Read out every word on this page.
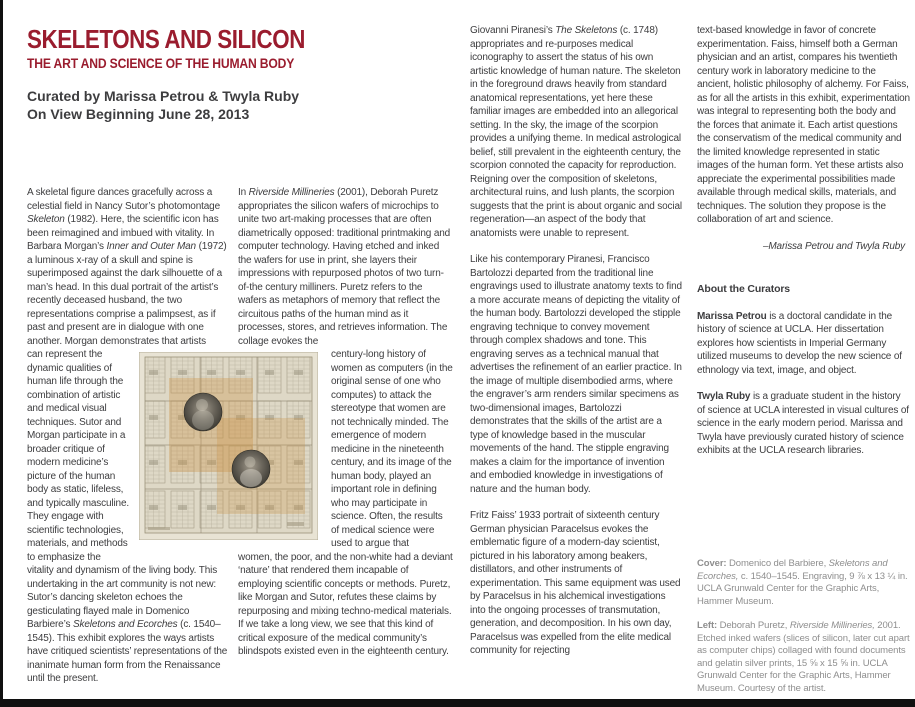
SKELETONS AND SILICON
THE ART AND SCIENCE OF THE HUMAN BODY

Curated by Marissa Petrou & Twyla Ruby
On View Beginning June 28, 2013

A skeletal figure dances gracefully across a celestial field in Nancy Sutor’s photomontage Skeleton (1982). Here, the scientific icon has been reimagined and imbued with vitality. In Barbara Morgan’s Inner and Outer Man (1972) a luminous x-ray of a skull and spine is superimposed against the dark silhouette of a man’s head. In this dual portrait of the artist’s recently deceased husband, the two representations comprise a palimpsest, as if past and present are in dialogue with one another. Morgan demonstrates that artists

can represent the dynamic qualities of human life through the combination of artistic and medical visual techniques. Sutor and Morgan participate in a broader critique of modern medicine’s picture of the human body as static, lifeless, and typically masculine. They engage with scientific technologies, materials, and methods to emphasize the

vitality and dynamism of the living body. This undertaking in the art community is not new: Sutor’s dancing skeleton echoes the gesticulating flayed male in Domenico Barbiere’s Skeletons and Ecorches (c. 1540–1545). This exhibit explores the ways artists have critiqued scientists’ representations of the inanimate human form from the Renaissance until the present.

In Riverside Millineries (2001), Deborah Puretz appropriates the silicon wafers of microchips to unite two art-making processes that are often diametrically opposed: traditional printmaking and computer technology. Having etched and inked the wafers for use in print, she layers their impressions with repurposed photos of two turn-of-the century milliners. Puretz refers to the wafers as metaphors of memory that reflect the circuitous paths of the human mind as it processes, stores, and retrieves information. The collage evokes the

century-long history of women as computers (in the original sense of one who computes) to attack the stereotype that women are not technically minded. The emergence of modern medicine in the nineteenth century, and its image of the human body, played an important role in defining who may participate in science. Often, the results of medical science were used to argue that

women, the poor, and the non-white had a deviant ‘nature’ that rendered them incapable of employing scientific concepts or methods. Puretz, like Morgan and Sutor, refutes these claims by repurposing and mixing techno-medical materials. If we take a long view, we see that this kind of critical exposure of the medical community’s blindspots existed even in the eighteenth century.

Giovanni Piranesi’s The Skeletons (c. 1748) appropriates and re-purposes medical iconography to assert the status of his own artistic knowledge of human nature. The skeleton in the foreground draws heavily from standard anatomical representations, yet here these familiar images are embedded into an allegorical setting. In the sky, the image of the scorpion provides a unifying theme. In medical astrological belief, still prevalent in the eighteenth century, the scorpion connoted the capacity for reproduction. Reigning over the composition of skeletons, architectural ruins, and lush plants, the scorpion suggests that the print is about organic and social regeneration—an aspect of the body that anatomists were unable to represent.

Like his contemporary Piranesi, Francisco Bartolozzi departed from the traditional line engravings used to illustrate anatomy texts to find a more accurate means of depicting the vitality of the human body. Bartolozzi developed the stipple engraving technique to convey movement through complex shadows and tone. This engraving serves as a technical manual that advertises the refinement of an earlier practice. In the image of multiple disembodied arms, where the engraver’s arm renders similar specimens as two-dimensional images, Bartolozzi demonstrates that the skills of the artist are a type of knowledge based in the muscular movements of the hand. The stipple engraving makes a claim for the importance of invention and embodied knowledge in investigations of nature and the human body.

Fritz Faiss’ 1933 portrait of sixteenth century German physician Paracelsus evokes the emblematic figure of a modern-day scientist, pictured in his laboratory among beakers, distillators, and other instruments of experimentation. This same equipment was used by Paracelsus in his alchemical investigations into the ongoing processes of transmutation, generation, and decomposition. In his own day, Paracelsus was expelled from the elite medical community for rejecting

text-based knowledge in favor of concrete experimentation. Faiss, himself both a German physician and an artist, compares his twentieth century work in laboratory medicine to the ancient, holistic philosophy of alchemy. For Faiss, as for all the artists in this exhibit, experimentation was integral to representing both the body and the forces that animate it. Each artist questions the conservatism of the medical community and the limited knowledge represented in static images of the human form. Yet these artists also appreciate the experimental possibilities made available through medical skills, materials, and techniques. The solution they propose is the collaboration of art and science.

–Marissa Petrou and Twyla Ruby

About the Curators

Marissa Petrou is a doctoral candidate in the history of science at UCLA. Her dissertation explores how scientists in Imperial Germany utilized museums to develop the new science of ethnology via text, image, and object.

Twyla Ruby is a graduate student in the history of science at UCLA interested in visual cultures of science in the early modern period. Marissa and Twyla have previously curated history of science exhibits at the UCLA research libraries.

Cover: Domenico del Barbiere, Skeletons and Ecorches, c. 1540–1545. Engraving, 9 ⅞ x 13 ¼ in. UCLA Grunwald Center for the Graphic Arts, Hammer Museum.

Left: Deborah Puretz, Riverside Millineries, 2001. Etched inked wafers (slices of silicon, later cut apart as computer chips) collaged with found documents and gelatin silver prints, 15 ⅝ x 15 ⅝ in. UCLA Grunwald Center for the Graphic Arts, Hammer Museum. Courtesy of the artist.
